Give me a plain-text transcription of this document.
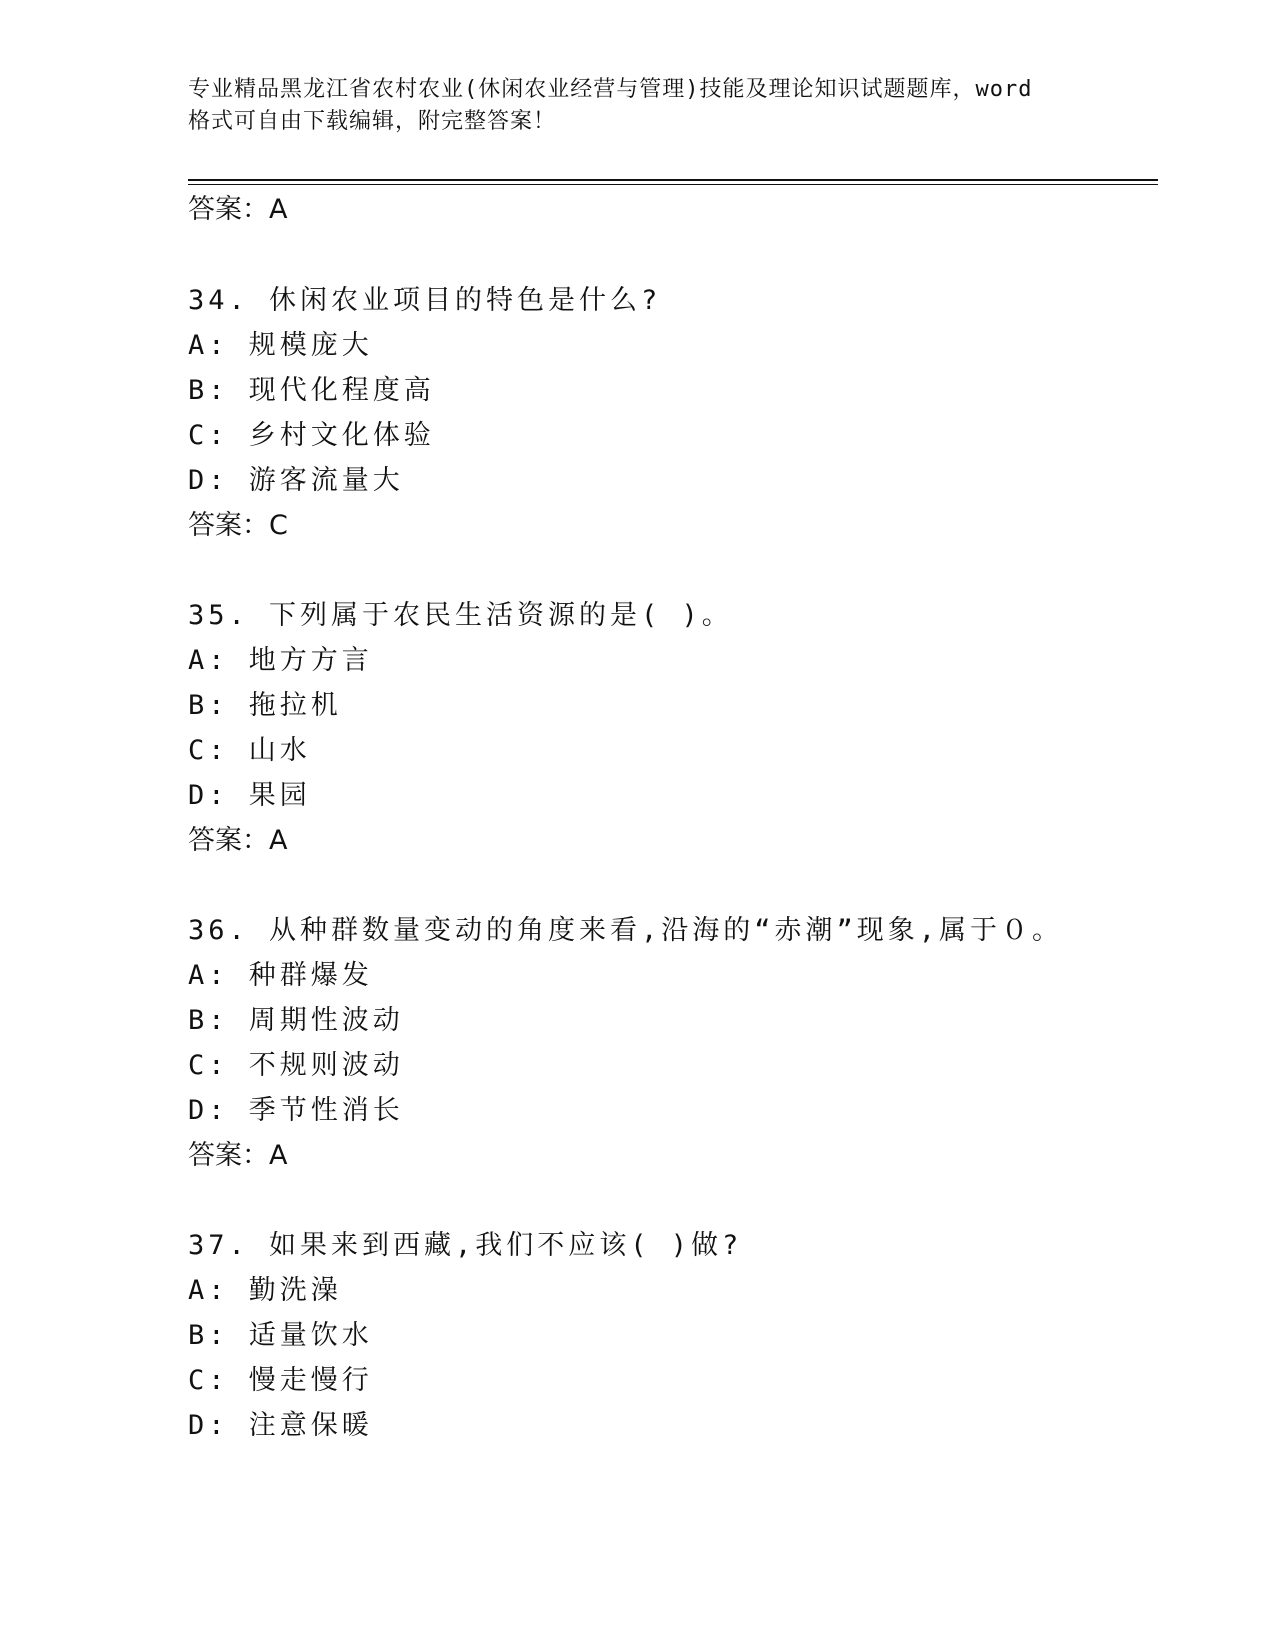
专业精品黑龙江省农村农业(休闲农业经营与管理)技能及理论知识试题题库，word
格式可自由下载编辑，附完整答案！
答案：A
34. 休闲农业项目的特色是什么?
A: 规模庞大
B: 现代化程度高
C: 乡村文化体验
D: 游客流量大
答案：C
35. 下列属于农民生活资源的是( )。
A: 地方方言
B: 拖拉机
C: 山水
D: 果园
答案：A
36. 从种群数量变动的角度来看,沿海的“赤潮”现象,属于０。
A: 种群爆发
B: 周期性波动
C: 不规则波动
D: 季节性消长
答案：A
37. 如果来到西藏,我们不应该( )做?
A: 勤洗澡
B: 适量饮水
C: 慢走慢行
D: 注意保暖
